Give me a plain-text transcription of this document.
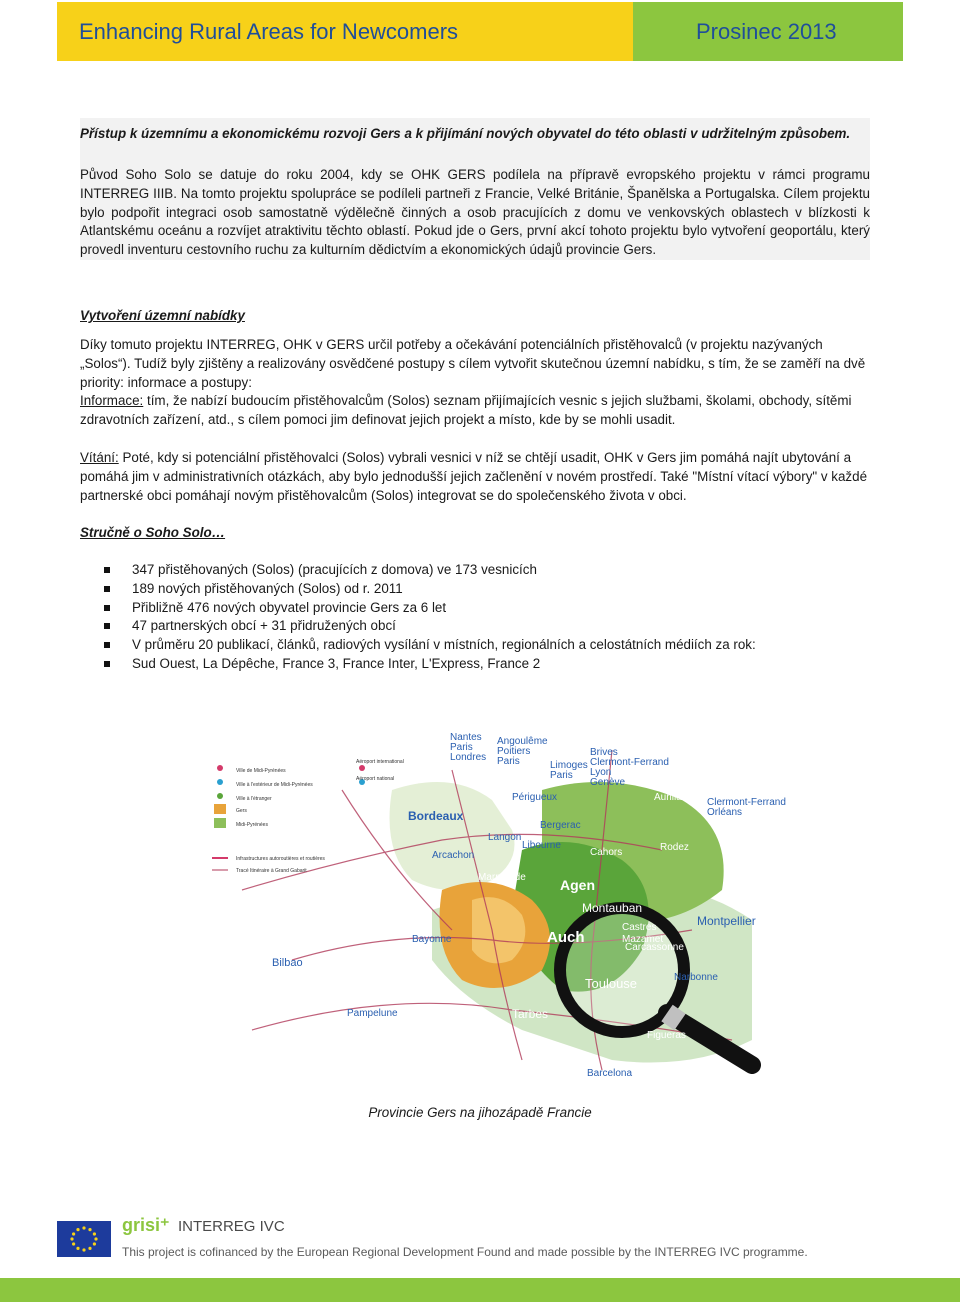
Enhancing Rural Areas for Newcomers	Prosinec 2013
Přístup k územnímu a ekonomickému rozvoji Gers a k přijímání nových obyvatel do této oblasti v udržitelným způsobem.
Původ Soho Solo se datuje do roku 2004, kdy se OHK GERS podílela na přípravě evropského projektu v rámci programu INTERREG IIIB. Na tomto projektu spolupráce se podíleli partneři z Francie, Velké Británie, Španělska a Portugalska. Cílem projektu bylo podpořit integraci osob samostatně výdělečně činných a osob pracujících z domu ve venkovských oblastech v blízkosti k Atlantskému oceánu a rozvíjet atraktivitu těchto oblastí. Pokud jde o Gers, první akcí tohoto projektu bylo vytvoření geoportálu, který provedl inventuru cestovního ruchu za kulturním dědictvím a ekonomických údajů provincie Gers.
Vytvoření územní nabídky
Díky tomuto projektu INTERREG, OHK v GERS určil potřeby a očekávání potenciálních přistěhovalců (v projektu nazývaných „Solos“). Tudíž byly zjištěny a realizovány osvědčené postupy s cílem vytvořit skutečnou územní nabídku, s tím, že se zaměří na dvě priority: informace a postupy:
Informace: tím, že nabízí budoucím přistěhovalcům (Solos) seznam přijímajících vesnic s jejich službami, školami, obchody, sítěmi zdravotních zařízení, atd., s cílem pomoci jim definovat jejich projekt a místo, kde by se mohli usadit.
Vítání: Poté, kdy si potenciální přistěhovalci (Solos) vybrali vesnici v níž se chtějí usadit, OHK v Gers jim pomáhá najít ubytování a pomáhá jim v administrativních otázkách, aby bylo jednodušší jejich začlenění v novém prostředí. Také "Místní vítací výbory" v každé partnerské obci pomáhají novým přistěhovalcům (Solos) integrovat se do společenského života v obci.
Stručně o Soho Solo…
347 přistěhovaných (Solos) (pracujících z domova) ve 173 vesnicích
189 nových přistěhovaných (Solos) od r. 2011
Přibližně 476 nových obyvatel provincie Gers za 6 let
47 partnerských obcí + 31 přidružených obcí
V průměru 20 publikací, článků, radiových vysílání v místních, regionálních a celostátních médiích za rok:
Sud Ouest, La Dépêche, France 3, France Inter, L'Express, France 2
Ville de Midi-Pyrénées
Ville à l'extérieur de Midi-Pyrénées
Ville à l'étranger
Gers
Midi-Pyrénées
Aéroport international
Aéroport national
Infrastructures autoroutières et routières
Tracé Itinéraire à Grand Gabarit
Nantes
Paris
Londres
Angoulême
Poitiers
Paris	Limoges
Paris
Brives
Clermont-Ferrand
Lyon
Genève
Périgueux
Bordeaux
Bergerac
Aurillac Clermont-Ferrand
Orléans
Rodez
Cahors
Agen
Montauban
Auch
Castres
Mazamet
Carcassonne
Montpellier
Narbonne
Toulouse
Bayonne
Bilbao
San Sebastian
Pampelune	Tarbes
Figueras
Barcelona
Langon
Arcachon
Marmande
Libourne
Provincie Gers na jihozápadě Francie
grisi⁺ INTERREG IVC
This project is cofinanced by the European Regional Development Found and made possible by the INTERREG IVC programme.
